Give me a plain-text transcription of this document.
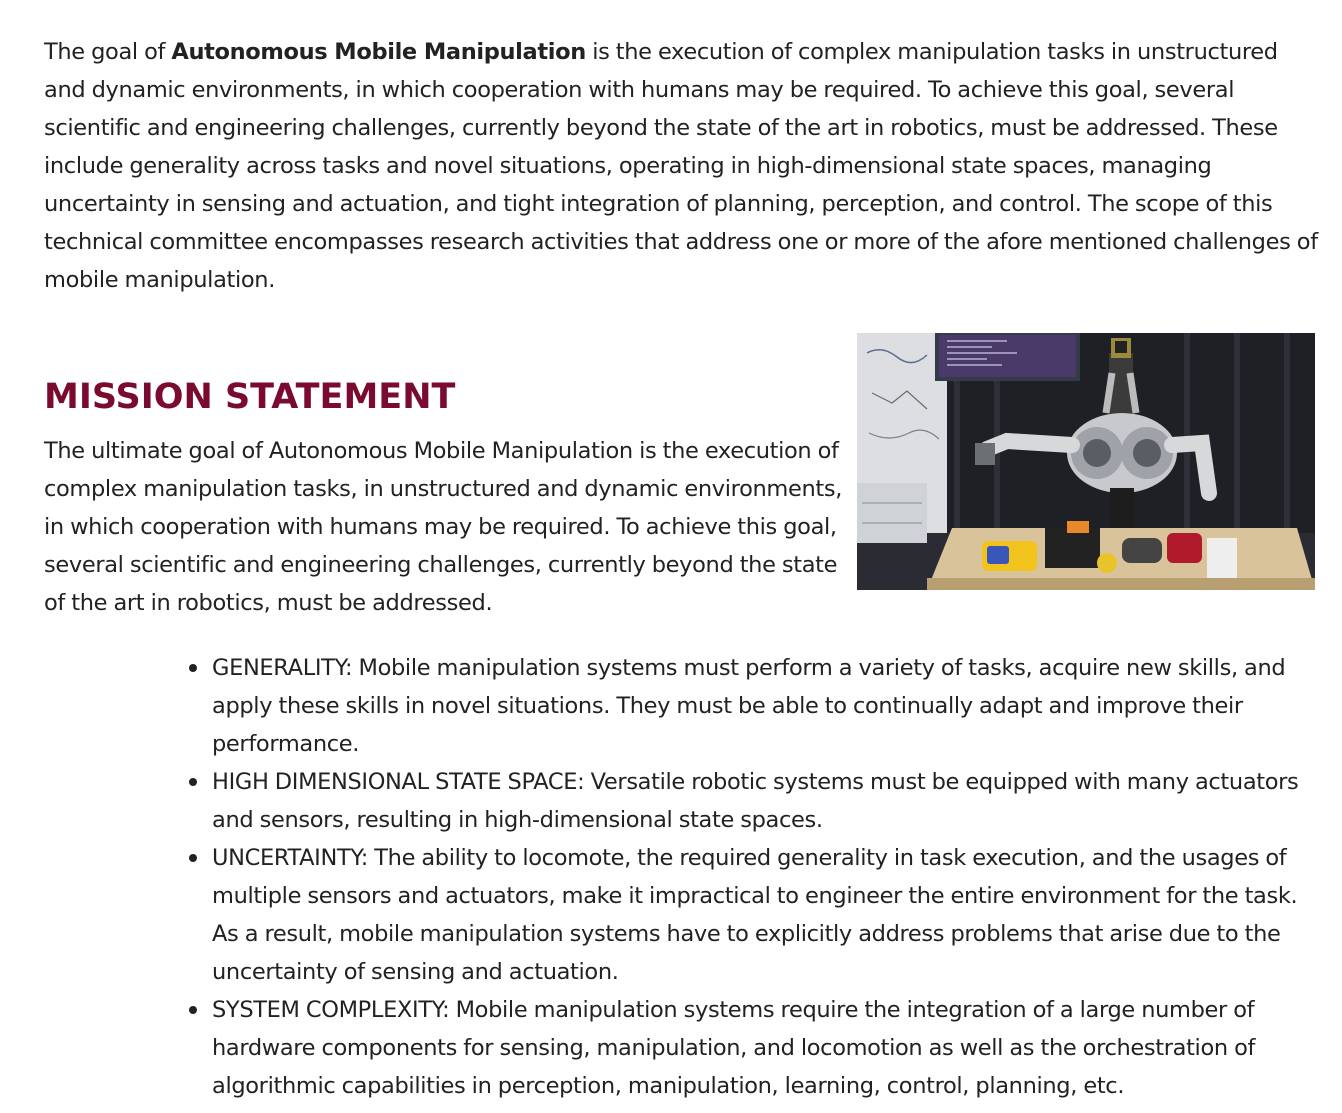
The goal of Autonomous Mobile Manipulation is the execution of complex manipulation tasks in unstructured and dynamic environments, in which cooperation with humans may be required. To achieve this goal, several scientific and engineering challenges, currently beyond the state of the art in robotics, must be addressed. These include generality across tasks and novel situations, operating in high-dimensional state spaces, managing uncertainty in sensing and actuation, and tight integration of planning, perception, and control. The scope of this technical committee encompasses research activities that address one or more of the afore mentioned challenges of mobile manipulation.

MISSION STATEMENT

The ultimate goal of Autonomous Mobile Manipulation is the execution of complex manipulation tasks, in unstructured and dynamic environments, in which cooperation with humans may be required. To achieve this goal, several scientific and engineering challenges, currently beyond the state of the art in robotics, must be addressed.

GENERALITY: Mobile manipulation systems must perform a variety of tasks, acquire new skills, and apply these skills in novel situations. They must be able to continually adapt and improve their performance.
HIGH DIMENSIONAL STATE SPACE: Versatile robotic systems must be equipped with many actuators and sensors, resulting in high-dimensional state spaces.
UNCERTAINTY: The ability to locomote, the required generality in task execution, and the usages of multiple sensors and actuators, make it impractical to engineer the entire environment for the task. As a result, mobile manipulation systems have to explicitly address problems that arise due to the uncertainty of sensing and actuation.
SYSTEM COMPLEXITY: Mobile manipulation systems require the integration of a large number of hardware components for sensing, manipulation, and locomotion as well as the orchestration of algorithmic capabilities in perception, manipulation, learning, control, planning, etc.
